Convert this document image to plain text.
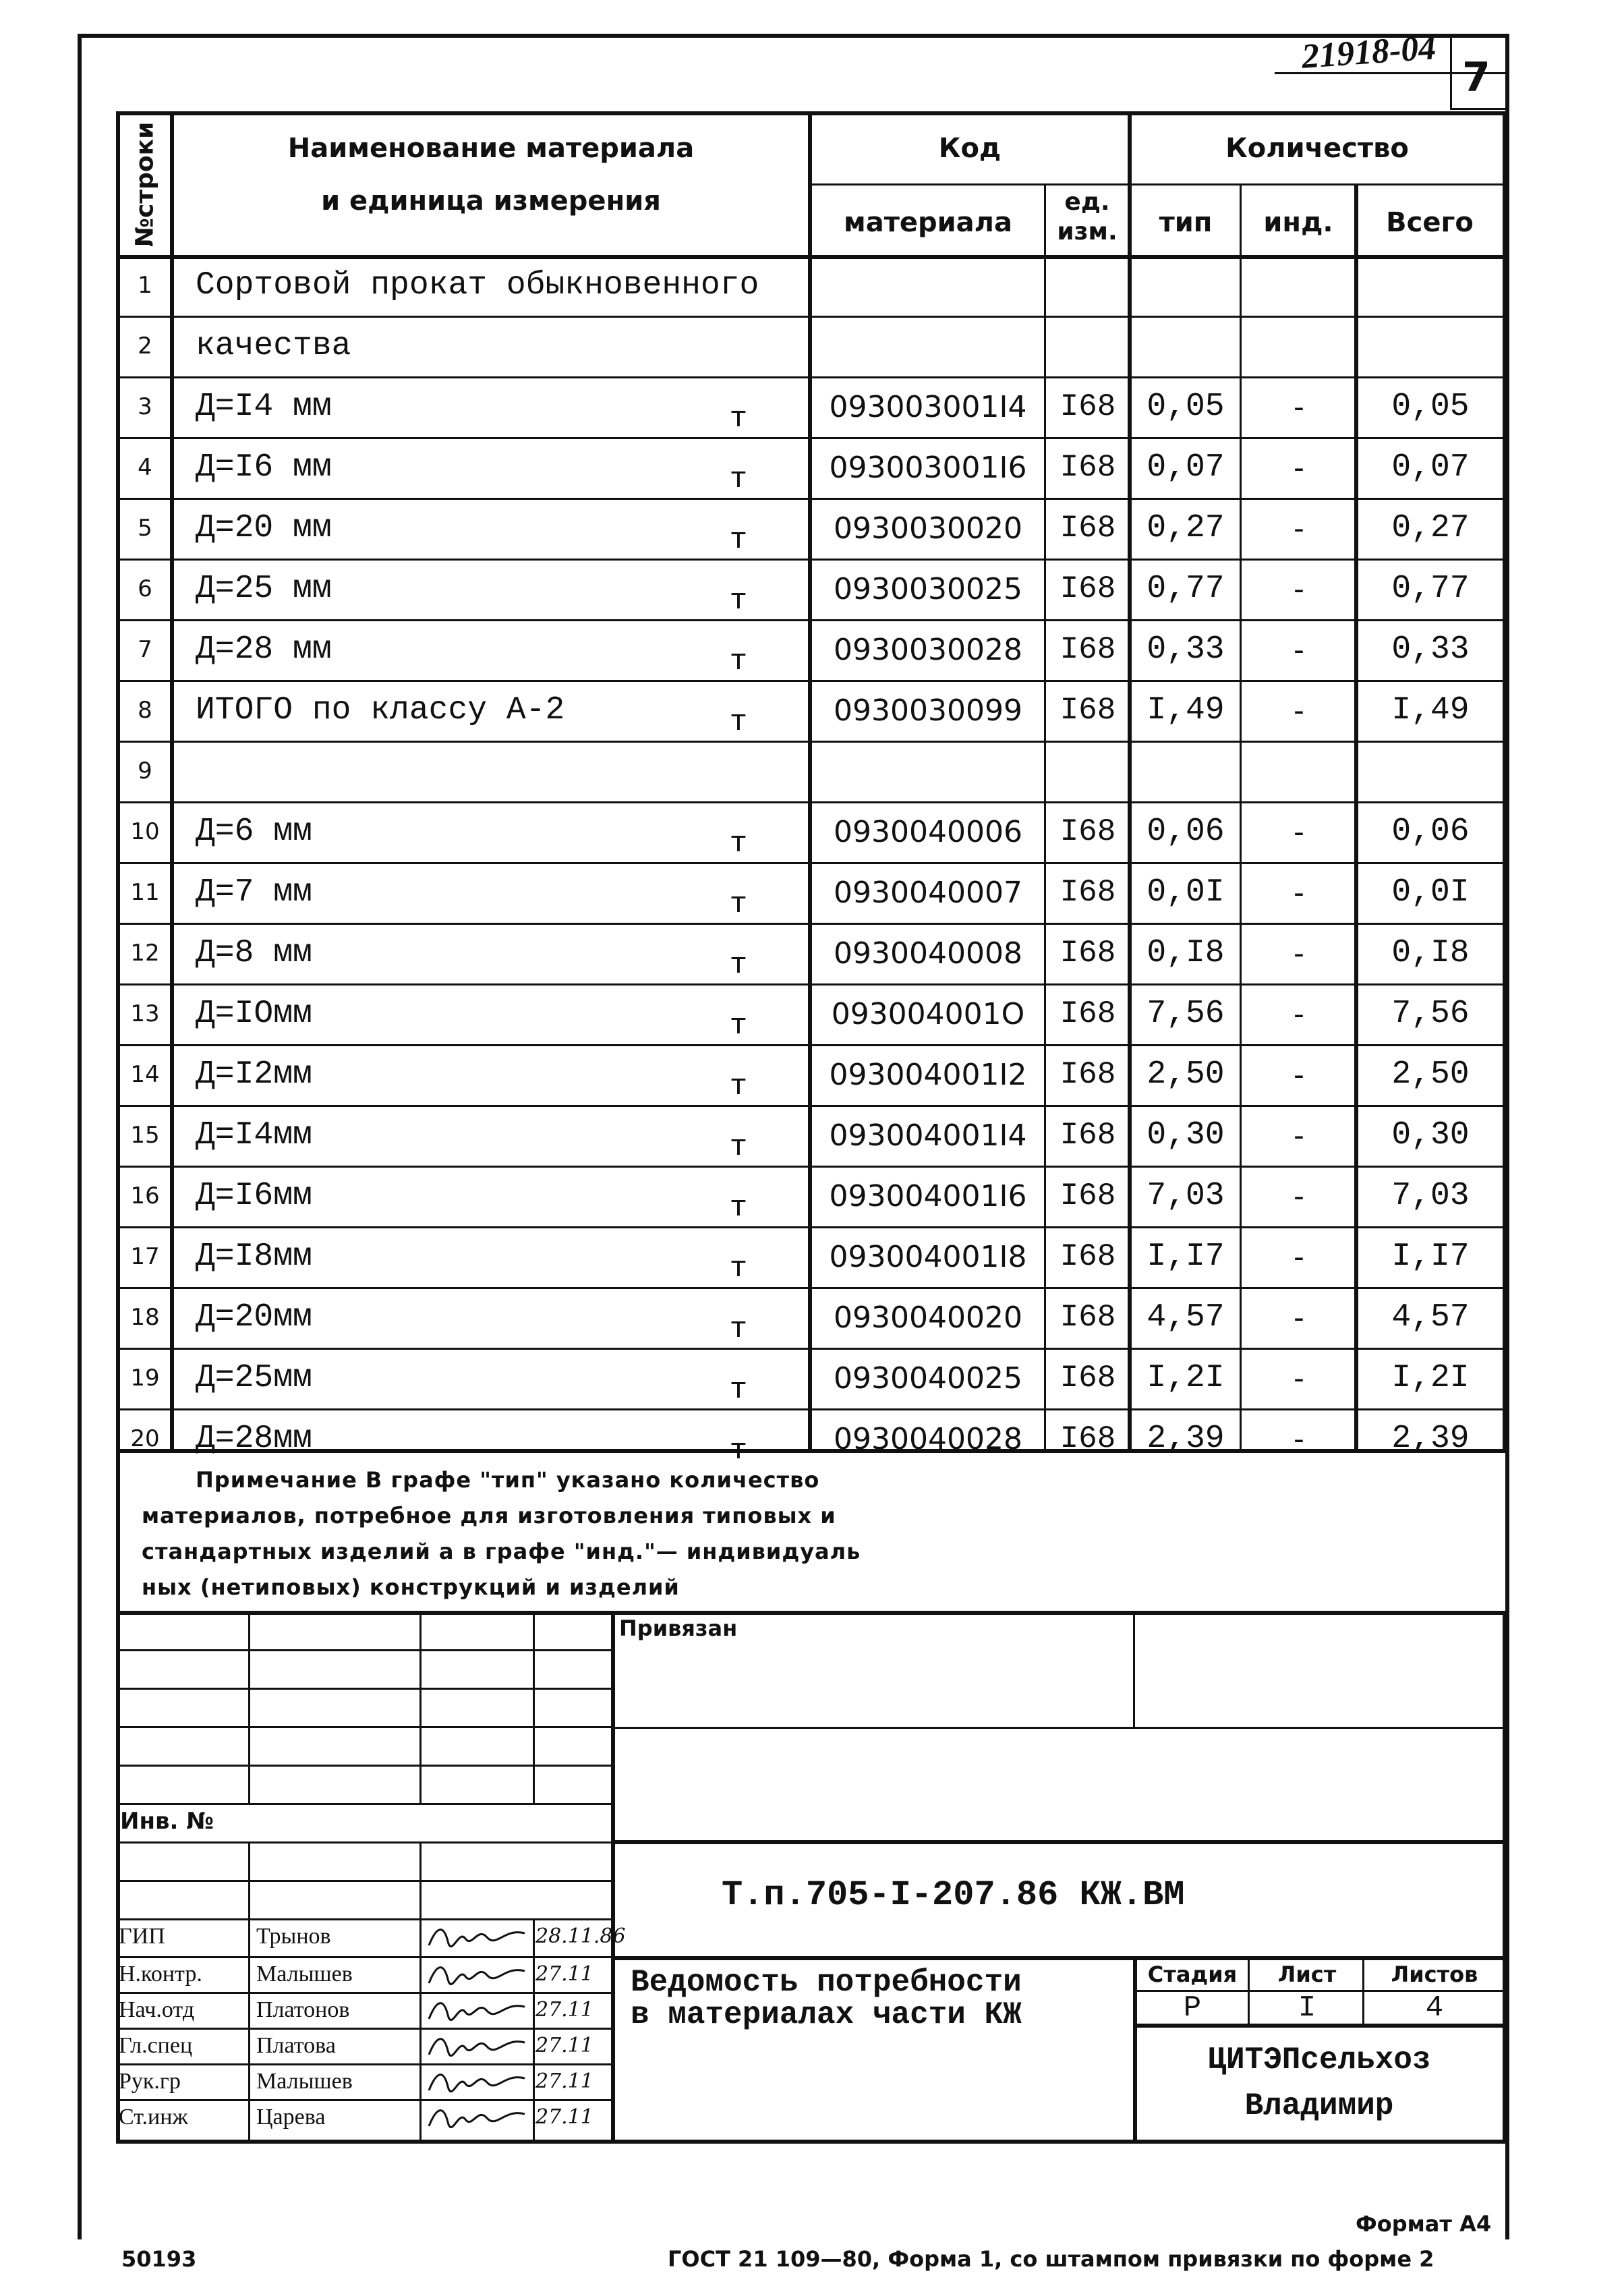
21918-04
7
№строки	Наименование материала
и единица измерения
Код	Количество
материала
ед.
изм.	тип	инд.	Всего
1	Сортовой прокат обыкновенного
2	качества
3	Д=I4 мм	т	093003001I4	I68 0,05	-	0,05
4	Д=I6 мм	т	093003001I6	I68 0,07	-	0,07
5	Д=20 мм	т	0930030020	I68 0,27	-	0,27
6	Д=25 мм	т	0930030025	I68 0,77	-	0,77
7	Д=28 мм	т	0930030028	I68 0,33	-	0,33
8	ИТОГО по классу А-2	т	0930030099	I68 I,49	-	I,49
9
10	Д=6 мм	т	0930040006	I68 0,06	-	0,06
11	Д=7 мм	т	0930040007	I68 0,0I	-	0,0I
12	Д=8 мм	т	0930040008	I68 0,I8	-	0,I8
13	Д=IОмм	т	093004001О	I68 7,56	-	7,56
14	Д=I2мм	т	093004001I2	I68 2,50	-	2,50
15	Д=I4мм	т	093004001I4	I68 0,30	-	0,30
16	Д=I6мм	т	093004001I6	I68 7,03	-	7,03
17	Д=I8мм	т	093004001I8	I68 I,I7	-	I,I7
18	Д=20мм	т	0930040020	I68 4,57	-	4,57
19	Д=25мм	т	0930040025	I68 I,2I	-	I,2I
20	Д=28мм	т	0930040028	I68 2,39	-	2,39
Примечание В графе "тип" указано количество
материалов, потребное для изготовления типовых и
стандартных изделий а в графе "инд."— индивидуаль
ных (нетиповых) конструкций и изделий
Привязан
Инв. №
Т.п.705-I-207.86 КЖ.ВМ
Ведомость потребности
в материалах части КЖ
Стадия	Лист	Листов
Р	I	4
ЦИТЭПсельхоз
Владимир
ГИП	Трынов	28.11.86
Н.контр.	Малышев	27.11
Нач.отд	Платонов	27.11
Гл.спец	Платова	27.11
Рук.гр	Малышев	27.11
Ст.инж	Царева	27.11
Формат А4
50193	ГОСТ 21 109—80, Форма 1, со штампом привязки по форме 2
